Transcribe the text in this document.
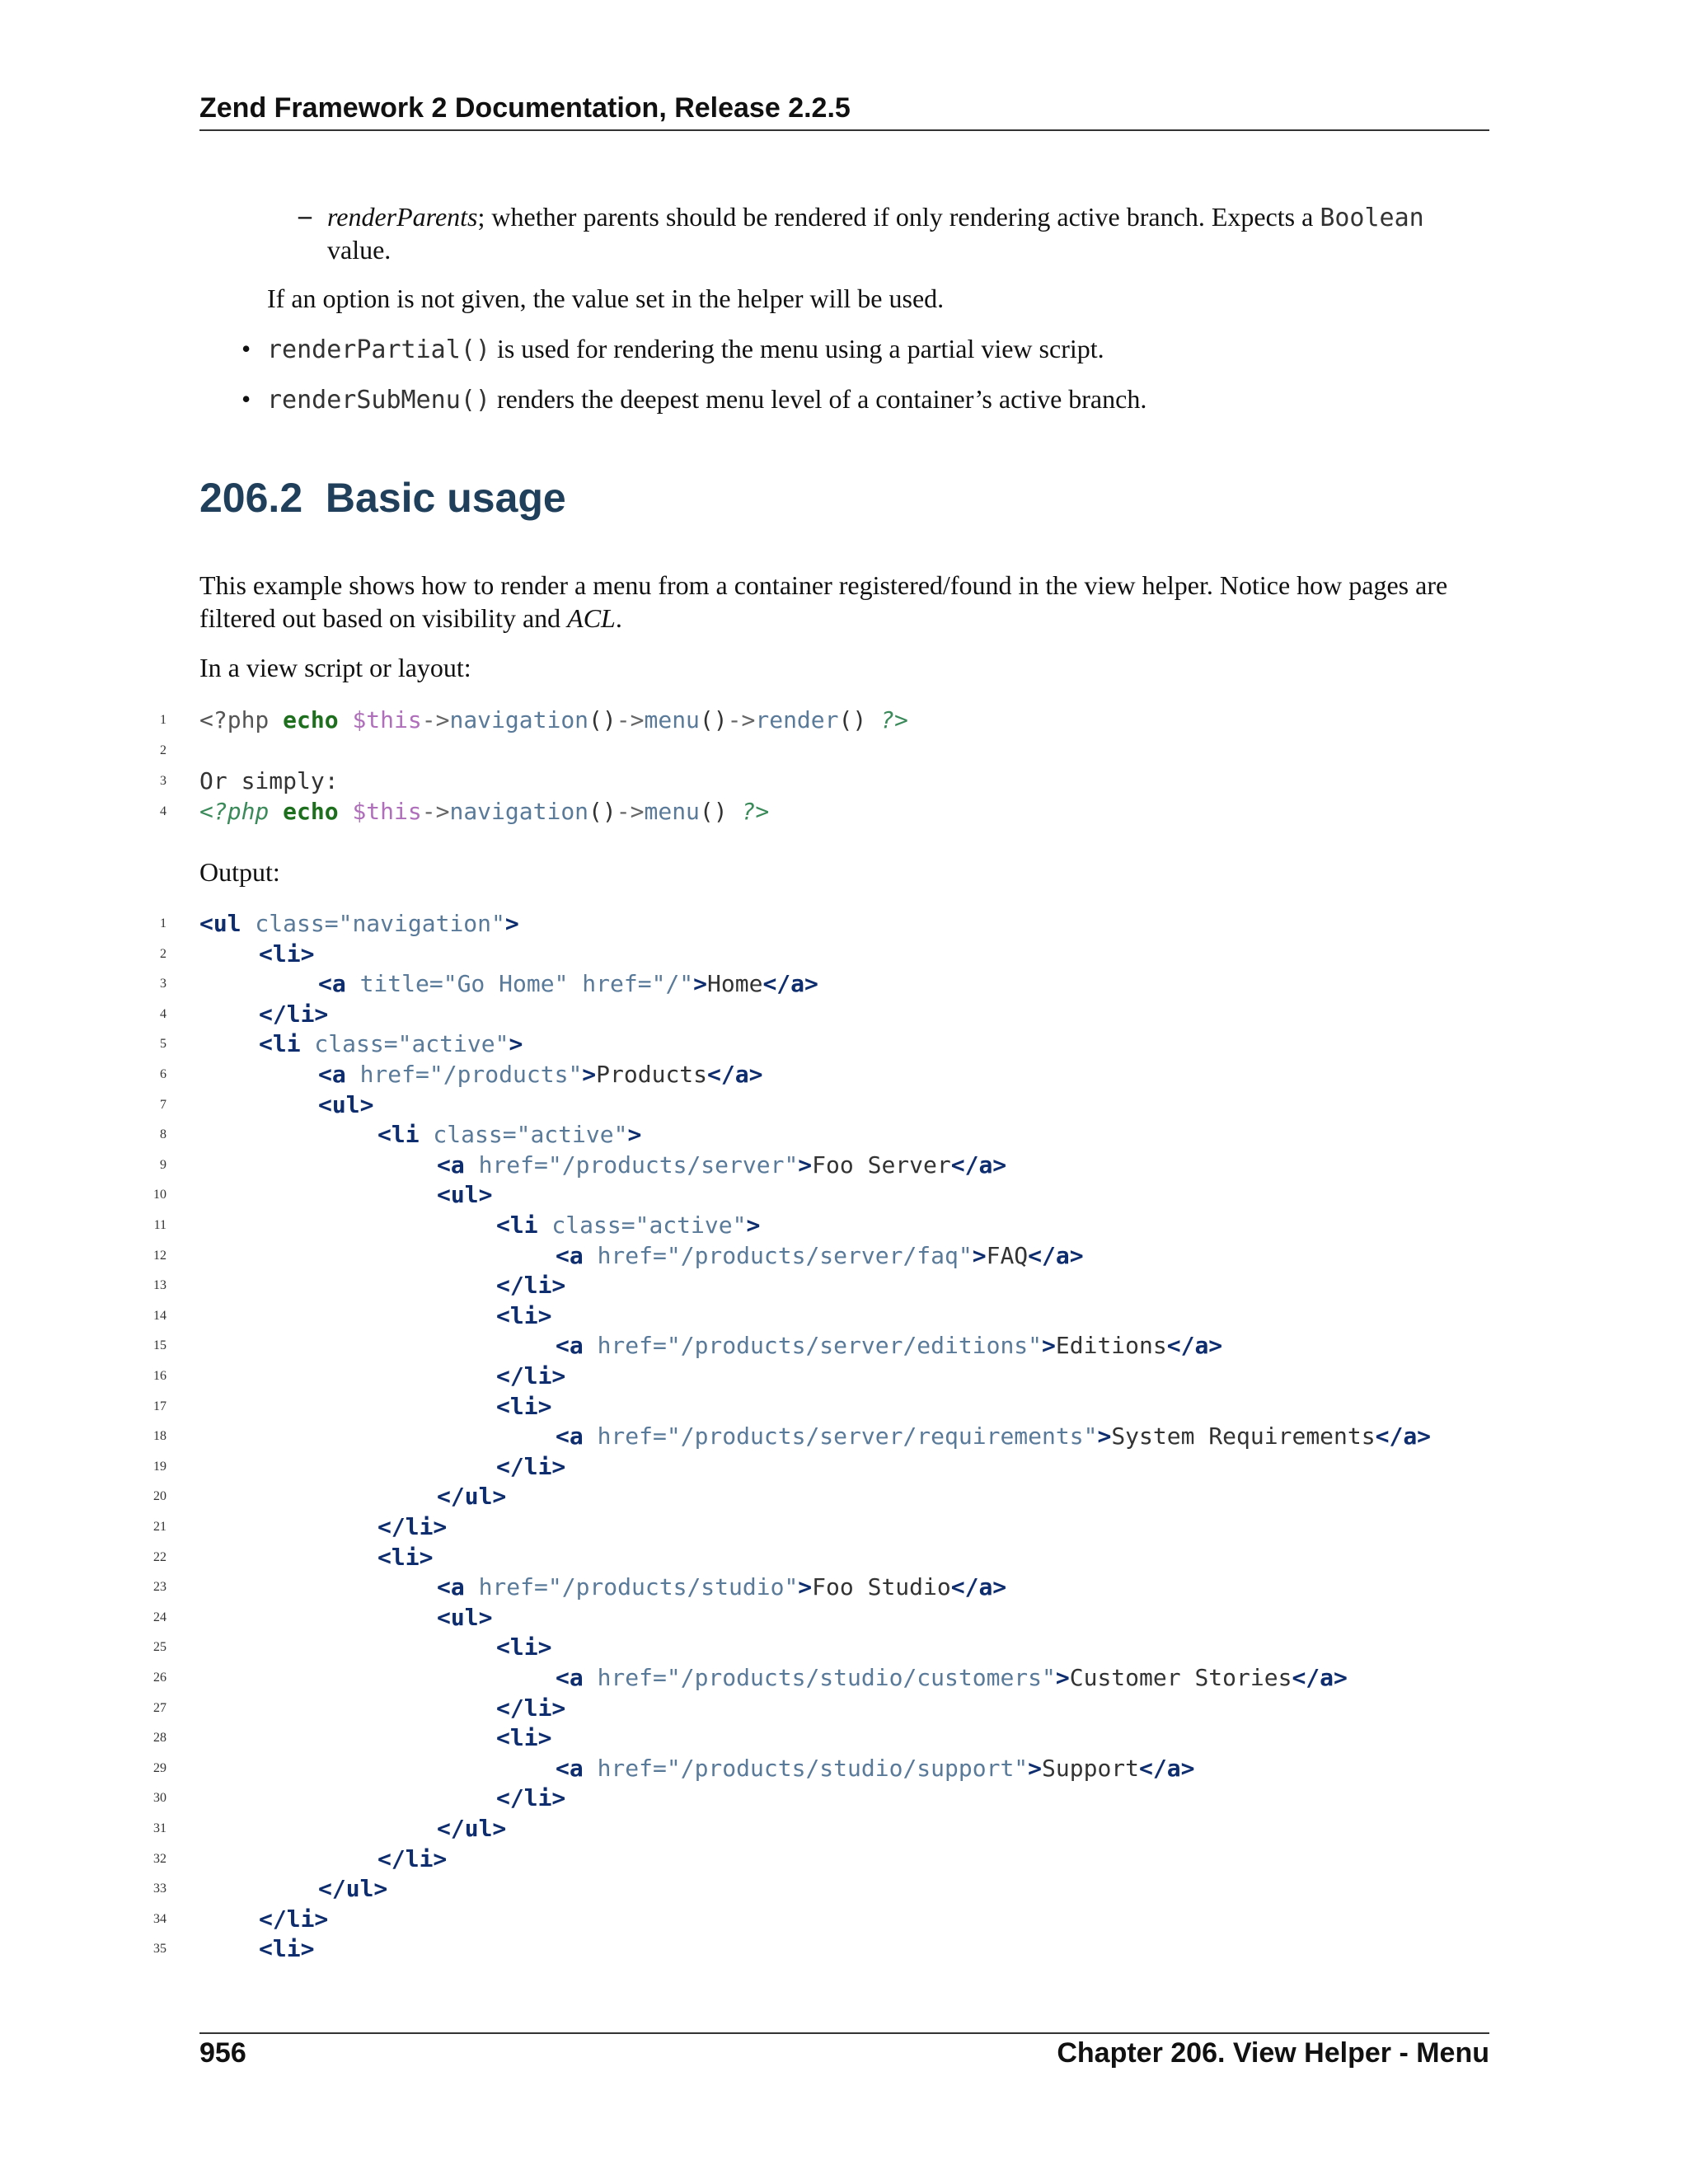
Zend Framework 2 Documentation, Release 2.2.5
– renderParents; whether parents should be rendered if only rendering active branch. Expects a Boolean
value.
If an option is not given, the value set in the helper will be used.
• renderPartial() is used for rendering the menu using a partial view script.
• renderSubMenu() renders the deepest menu level of a container’s active branch.
206.2 Basic usage
This example shows how to render a menu from a container registered/found in the view helper. Notice how pages are
filtered out based on visibility and ACL.
In a view script or layout:
1 <?php echo $this->navigation()->menu()->render() ?>
2
3 Or simply:
4 <?php echo $this->navigation()->menu() ?>
Output:
1 <ul class="navigation">
2	<li>
3	<a title="Go Home" href="/">Home</a>
4	</li>
5	<li class="active">
6	<a href="/products">Products</a>
7	<ul>
8	<li class="active">
9	<a href="/products/server">Foo Server</a>
10	<ul>
11	<li class="active">
12	<a href="/products/server/faq">FAQ</a>
13	</li>
14	<li>
15	<a href="/products/server/editions">Editions</a>
16	</li>
17	<li>
18	<a href="/products/server/requirements">System Requirements</a>
19	</li>
20	</ul>
21	</li>
22	<li>
23	<a href="/products/studio">Foo Studio</a>
24	<ul>
25	<li>
26	<a href="/products/studio/customers">Customer Stories</a>
27	</li>
28	<li>
29	<a href="/products/studio/support">Support</a>
30	</li>
31	</ul>
32	</li>
33	</ul>
34	</li>
35	<li>
956	Chapter 206. View Helper - Menu
